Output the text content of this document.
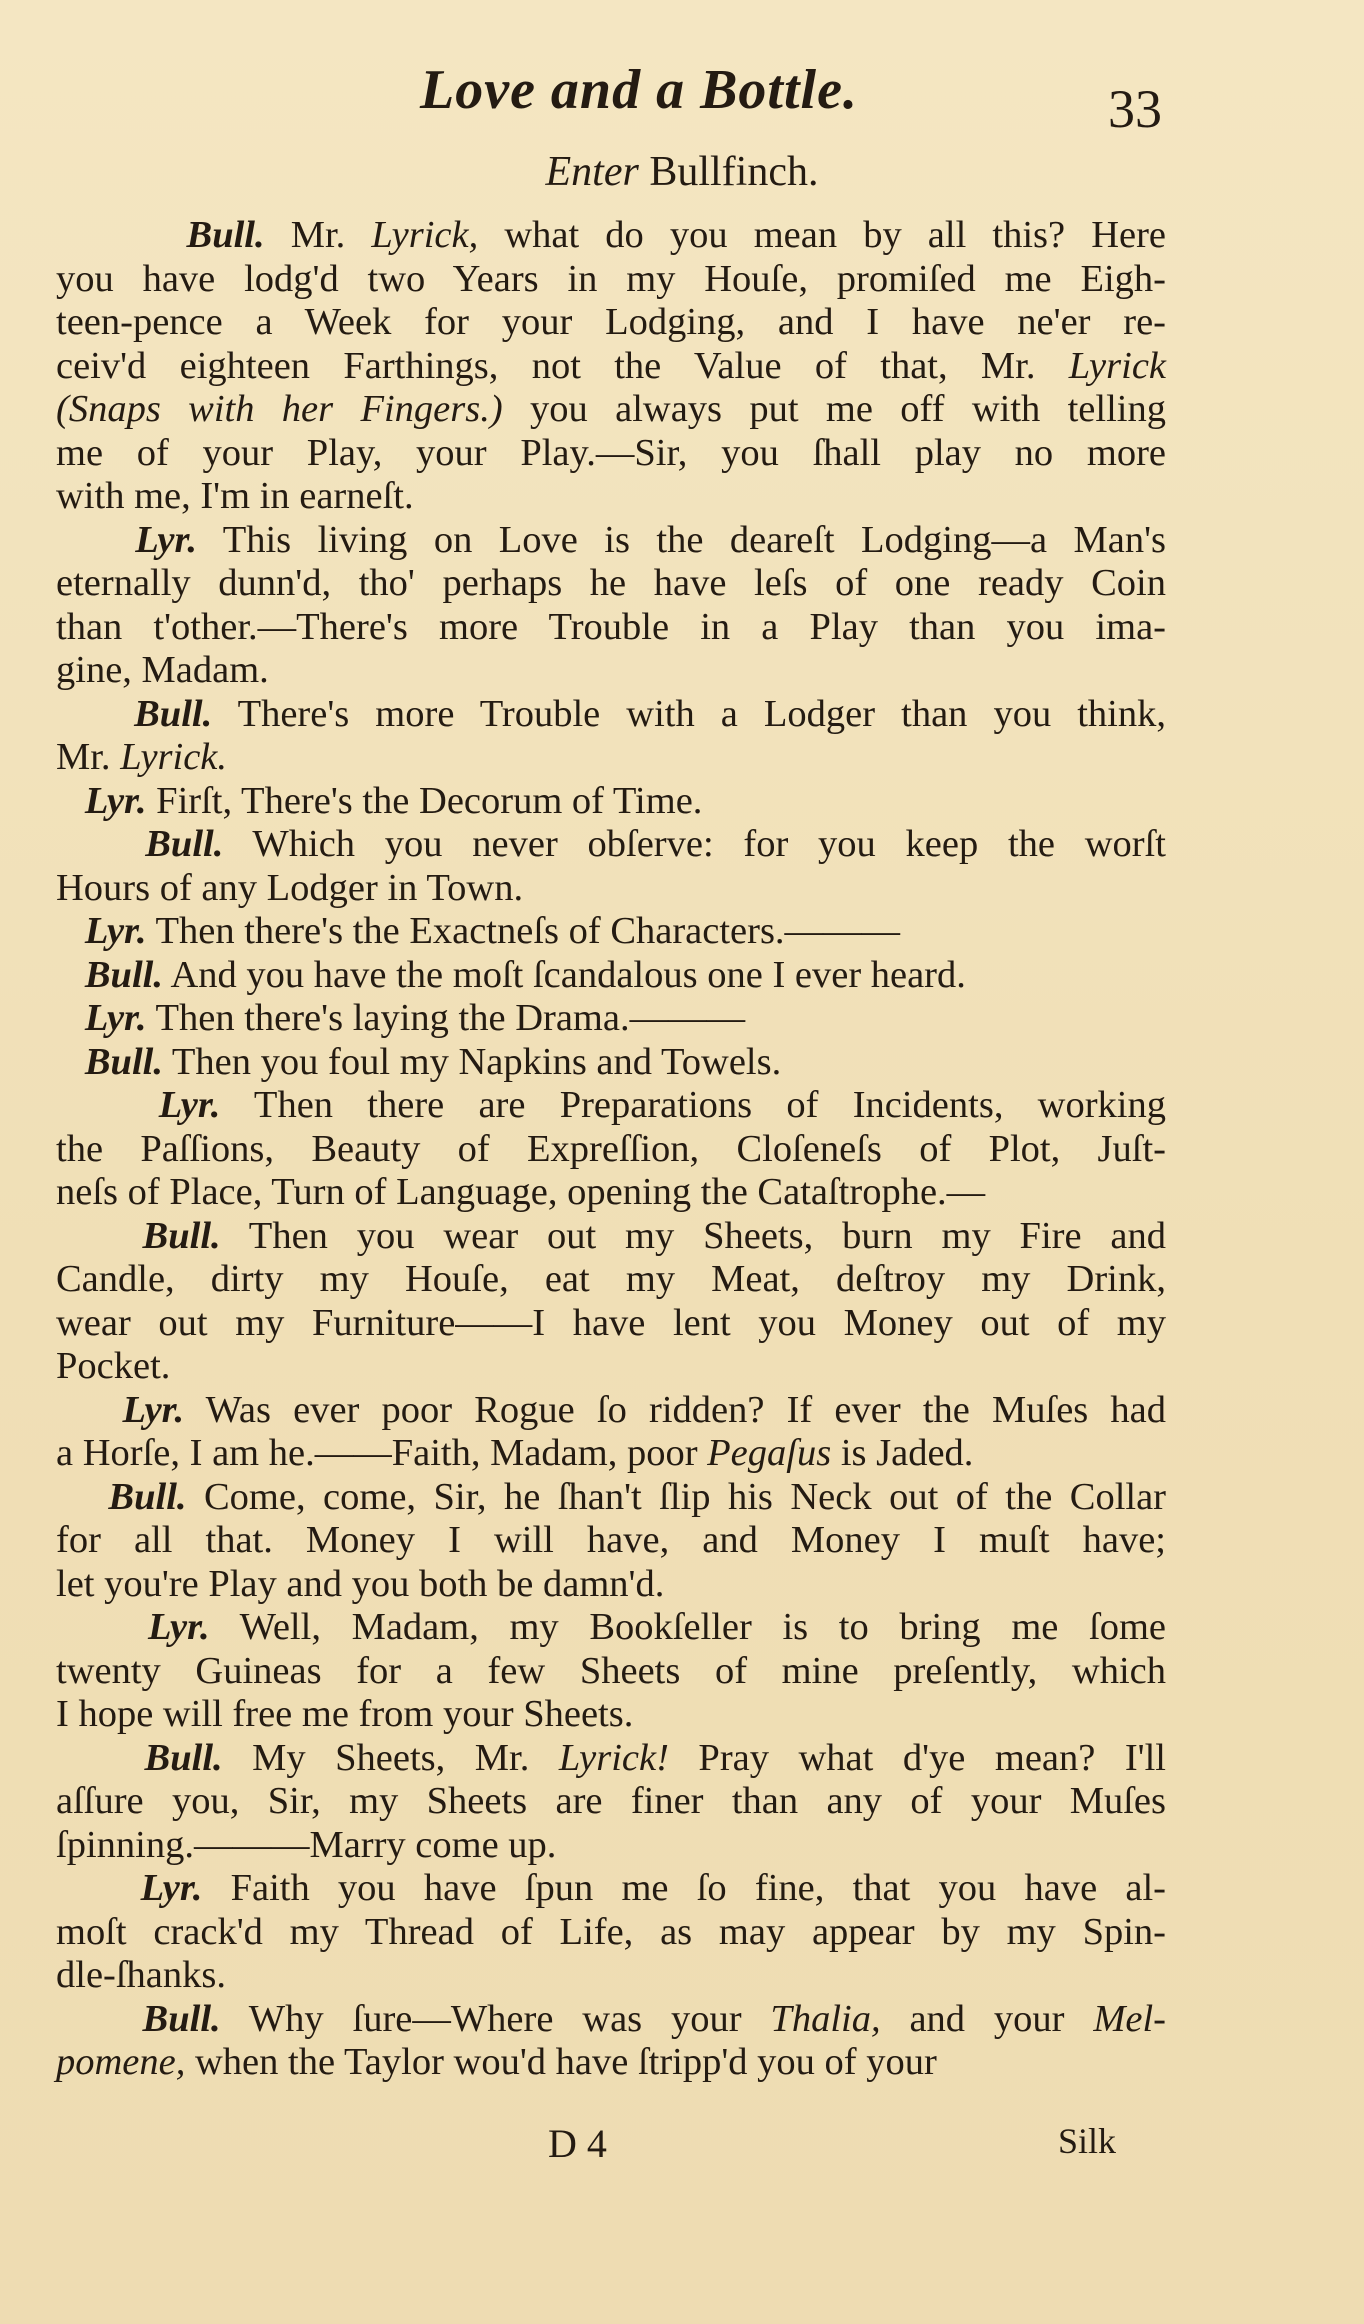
Love and a Bottle.	33
Enter Bullfinch.
Bull. Mr. Lyrick, what do you mean by all this? Here
you have lodg'd two Years in my Houſe, promiſed me Eigh-
teen-pence a Week for your Lodging, and I have ne'er re-
ceiv'd eighteen Farthings, not the Value of that, Mr. Lyrick
(Snaps with her Fingers.) you always put me off with telling
me of your Play, your Play.—Sir, you ſhall play no more
with me, I'm in earneſt.
Lyr. This living on Love is the deareſt Lodging—a Man's
eternally dunn'd, tho' perhaps he have leſs of one ready Coin
than t'other.—There's more Trouble in a Play than you ima-
gine, Madam.
Bull. There's more Trouble with a Lodger than you think,
Mr. Lyrick.
Lyr. Firſt, There's the Decorum of Time.
Bull. Which you never obſerve: for you keep the worſt
Hours of any Lodger in Town.
Lyr. Then there's the Exactneſs of Characters.———
Bull. And you have the moſt ſcandalous one I ever heard.
Lyr. Then there's laying the Drama.———
Bull. Then you foul my Napkins and Towels.
Lyr. Then there are Preparations of Incidents, working
the Paſſions, Beauty of Expreſſion, Cloſeneſs of Plot, Juſt-
neſs of Place, Turn of Language, opening the Cataſtrophe.—
Bull. Then you wear out my Sheets, burn my Fire and
Candle, dirty my Houſe, eat my Meat, deſtroy my Drink,
wear out my Furniture——I have lent you Money out of my
Pocket.
Lyr. Was ever poor Rogue ſo ridden? If ever the Muſes had
a Horſe, I am he.——Faith, Madam, poor Pegaſus is Jaded.
Bull. Come, come, Sir, he ſhan't ſlip his Neck out of the Collar
for all that. Money I will have, and Money I muſt have;
let you're Play and you both be damn'd.
Lyr. Well, Madam, my Bookſeller is to bring me ſome
twenty Guineas for a few Sheets of mine preſently, which
I hope will free me from your Sheets.
Bull. My Sheets, Mr. Lyrick! Pray what d'ye mean? I'll
aſſure you, Sir, my Sheets are finer than any of your Muſes
ſpinning.———Marry come up.
Lyr. Faith you have ſpun me ſo fine, that you have al-
moſt crack'd my Thread of Life, as may appear by my Spin-
dle-ſhanks.
Bull. Why ſure—Where was your Thalia, and your Mel-
pomene, when the Taylor wou'd have ſtripp'd you of your
D 4	Silk
